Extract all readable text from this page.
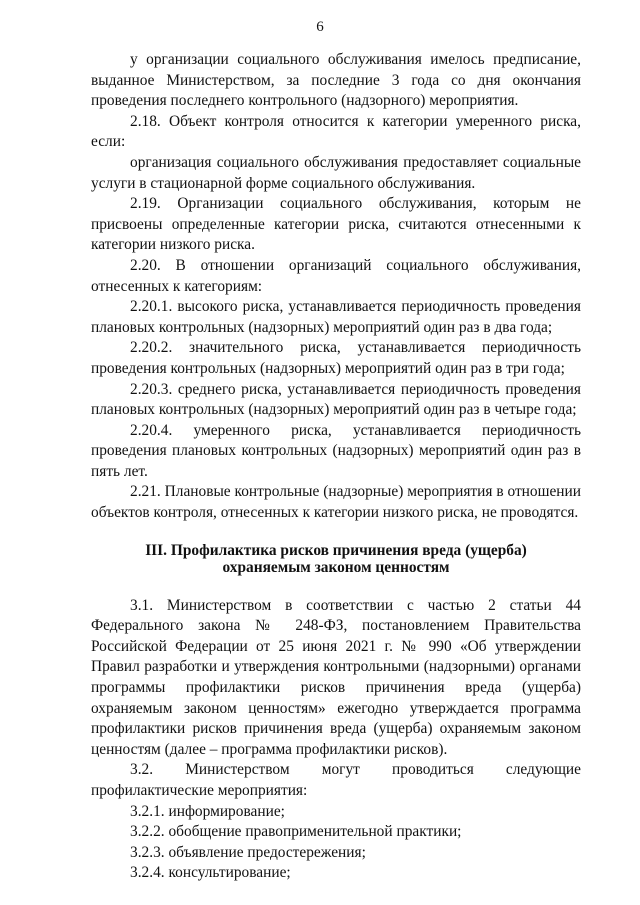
6

у организации социального обслуживания имелось предписание, выданное Министерством, за последние 3 года со дня окончания проведения последнего контрольного (надзорного) мероприятия.

2.18. Объект контроля относится к категории умеренного риска, если:

организация социального обслуживания предоставляет социальные услуги в стационарной форме социального обслуживания.

2.19. Организации социального обслуживания, которым не присвоены определенные категории риска, считаются отнесенными к категории низкого риска.

2.20. В отношении организаций социального обслуживания, отнесенных к категориям:

2.20.1. высокого риска, устанавливается периодичность проведения плановых контрольных (надзорных) мероприятий один раз в два года;

2.20.2. значительного риска, устанавливается периодичность проведения контрольных (надзорных) мероприятий один раз в три года;

2.20.3. среднего риска, устанавливается периодичность проведения плановых контрольных (надзорных) мероприятий один раз в четыре года;

2.20.4. умеренного риска, устанавливается периодичность проведения плановых контрольных (надзорных) мероприятий один раз в пять лет.

2.21. Плановые контрольные (надзорные) мероприятия в отношении объектов контроля, отнесенных к категории низкого риска, не проводятся.

III. Профилактика рисков причинения вреда (ущерба)
охраняемым законом ценностям

3.1. Министерством в соответствии с частью 2 статьи 44 Федерального закона № 248-ФЗ, постановлением Правительства Российской Федерации от 25 июня 2021 г. № 990 «Об утверждении Правил разработки и утверждения контрольными (надзорными) органами программы профилактики рисков причинения вреда (ущерба) охраняемым законом ценностям» ежегодно утверждается программа профилактики рисков причинения вреда (ущерба) охраняемым законом ценностям (далее – программа профилактики рисков).

3.2. Министерством могут проводиться следующие профилактические мероприятия:

3.2.1. информирование;

3.2.2. обобщение правоприменительной практики;

3.2.3. объявление предостережения;

3.2.4. консультирование;
